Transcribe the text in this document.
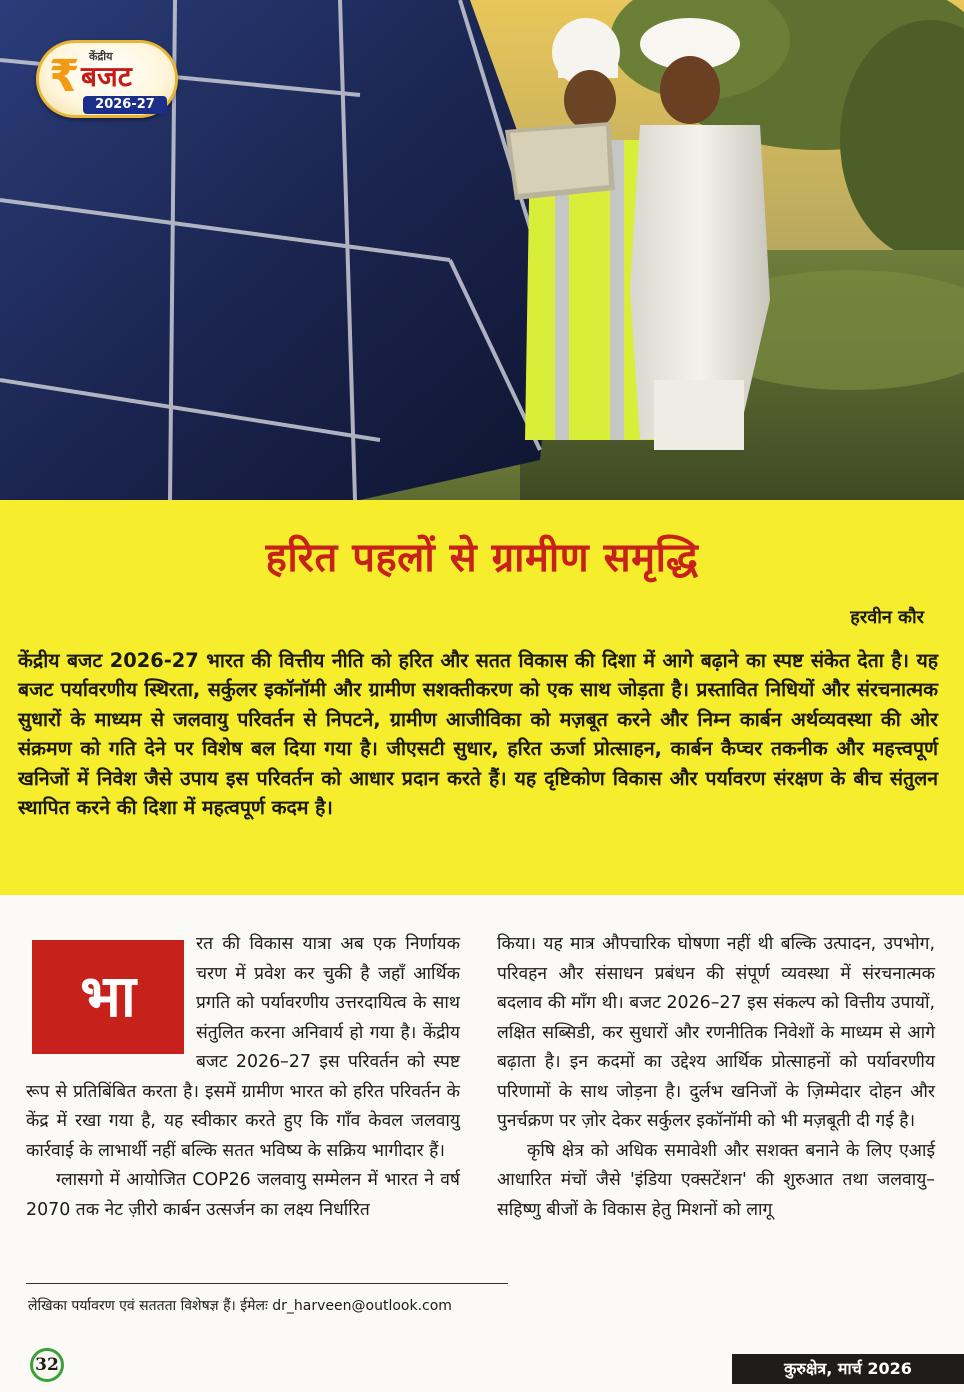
₹ केंद्रीय
बजट
2026-27
हरित पहलों से ग्रामीण समृद्धि
हरवीन कौर

केंद्रीय बजट 2026-27 भारत की वित्तीय नीति को हरित और सतत विकास की दिशा में आगे बढ़ाने का स्पष्ट संकेत देता है। यह बजट पर्यावरणीय स्थिरता, सर्कुलर इकॉनॉमी और ग्रामीण सशक्तीकरण को एक साथ जोड़ता है। प्रस्तावित निधियों और संरचनात्मक सुधारों के माध्यम से जलवायु परिवर्तन से निपटने, ग्रामीण आजीविका को मज़बूत करने और निम्न कार्बन अर्थव्यवस्था की ओर संक्रमण को गति देने पर विशेष बल दिया गया है। जीएसटी सुधार, हरित ऊर्जा प्रोत्साहन, कार्बन कैप्चर तकनीक और महत्त्वपूर्ण खनिजों में निवेश जैसे उपाय इस परिवर्तन को आधार प्रदान करते हैं। यह दृष्टिकोण विकास और पर्यावरण संरक्षण के बीच संतुलन स्थापित करने की दिशा में महत्वपूर्ण कदम है।

भा

रत की विकास यात्रा अब एक निर्णायक चरण में प्रवेश कर चुकी है जहाँ आर्थिक प्रगति को पर्यावरणीय उत्तरदायित्व के साथ संतुलित करना अनिवार्य हो गया है। केंद्रीय बजट 2026–27 इस परिवर्तन को स्पष्ट रूप से प्रतिबिंबित करता है। इसमें ग्रामीण भारत को हरित परिवर्तन के केंद्र में रखा गया है, यह स्वीकार करते हुए कि गाँव केवल जलवायु कार्रवाई के लाभार्थी नहीं बल्कि सतत भविष्य के सक्रिय भागीदार हैं।

ग्लासगो में आयोजित COP26 जलवायु सम्मेलन में भारत ने वर्ष 2070 तक नेट ज़ीरो कार्बन उत्सर्जन का लक्ष्य निर्धारित

किया। यह मात्र औपचारिक घोषणा नहीं थी बल्कि उत्पादन, उपभोग, परिवहन और संसाधन प्रबंधन की संपूर्ण व्यवस्था में संरचनात्मक बदलाव की माँग थी। बजट 2026–27 इस संकल्प को वित्तीय उपायों, लक्षित सब्सिडी, कर सुधारों और रणनीतिक निवेशों के माध्यम से आगे बढ़ाता है। इन कदमों का उद्देश्य आर्थिक प्रोत्साहनों को पर्यावरणीय परिणामों के साथ जोड़ना है। दुर्लभ खनिजों के ज़िम्मेदार दोहन और पुनर्चक्रण पर ज़ोर देकर सर्कुलर इकॉनॉमी को भी मज़बूती दी गई है।

कृषि क्षेत्र को अधिक समावेशी और सशक्त बनाने के लिए एआई आधारित मंचों जैसे 'इंडिया एक्सटेंशन' की शुरुआत तथा जलवायु–सहिष्णु बीजों के विकास हेतु मिशनों को लागू

लेखिका पर्यावरण एवं सततता विशेषज्ञ हैं। ईमेलः dr_harveen@outlook.com
32	कुरुक्षेत्र, मार्च 2026
